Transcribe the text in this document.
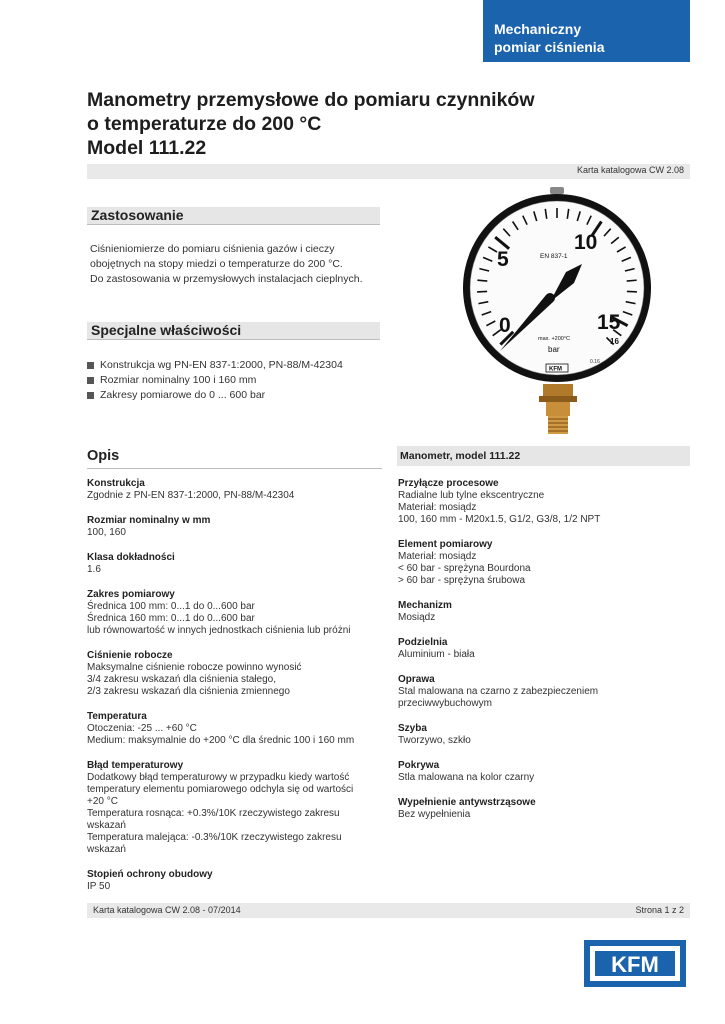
Mechaniczny
pomiar ciśnienia
Manometry przemysłowe do pomiaru czynników
o temperaturze do 200 °C
Model 111.22
Karta katalogowa CW 2.08
0
5
10
15
16
EN 837-1
max. +200°C
bar
0.16
KFM
Zastosowanie
Ciśnieniomierze do pomiaru ciśnienia gazów i cieczy
obojętnych na stopy miedzi o temperaturze do 200 °C.
Do zastosowania w przemysłowych instalacjach cieplnych.
Specjalne właściwości
Konstrukcja wg PN-EN 837-1:2000, PN-88/M-42304
Rozmiar nominalny 100 i 160 mm
Zakresy pomiarowe do 0 ... 600 bar
Opis
Konstrukcja
Zgodnie z PN-EN 837-1:2000, PN-88/M-42304
Rozmiar nominalny w mm
100, 160
Klasa dokładności
1.6
Zakres pomiarowy
Średnica 100 mm: 0...1 do 0...600 bar
Średnica 160 mm: 0...1 do 0...600 bar
lub równowartość w innych jednostkach ciśnienia lub próżni
Ciśnienie robocze
Maksymalne ciśnienie robocze powinno wynosić
3/4 zakresu wskazań dla ciśnienia stałego,
2/3 zakresu wskazań dla ciśnienia zmiennego
Temperatura
Otoczenia: -25 ... +60 °C
Medium: maksymalnie do +200 °C dla średnic 100 i 160 mm
Błąd temperaturowy
Dodatkowy błąd temperaturowy w przypadku kiedy wartość
temperatury elementu pomiarowego odchyla się od wartości
+20 °C
Temperatura rosnąca: +0.3%/10K rzeczywistego zakresu
wskazań
Temperatura malejąca: -0.3%/10K rzeczywistego zakresu
wskazań
Stopień ochrony obudowy
IP 50
Manometr, model 111.22
Przyłącze procesowe
Radialne lub tylne ekscentryczne
Materiał: mosiądz
100, 160 mm - M20x1.5, G1/2, G3/8, 1/2 NPT
Element pomiarowy
Materiał: mosiądz
< 60 bar - sprężyna Bourdona
> 60 bar - sprężyna śrubowa
Mechanizm
Mosiądz
Podzielnia
Aluminium - biała
Oprawa
Stal malowana na czarno z zabezpieczeniem
przeciwwybuchowym
Szyba
Tworzywo, szkło
Pokrywa
Stla malowana na kolor czarny
Wypełnienie antywstrząsowe
Bez wypełnienia
Karta katalogowa CW 2.08 - 07/2014	Strona 1 z 2
KFM
